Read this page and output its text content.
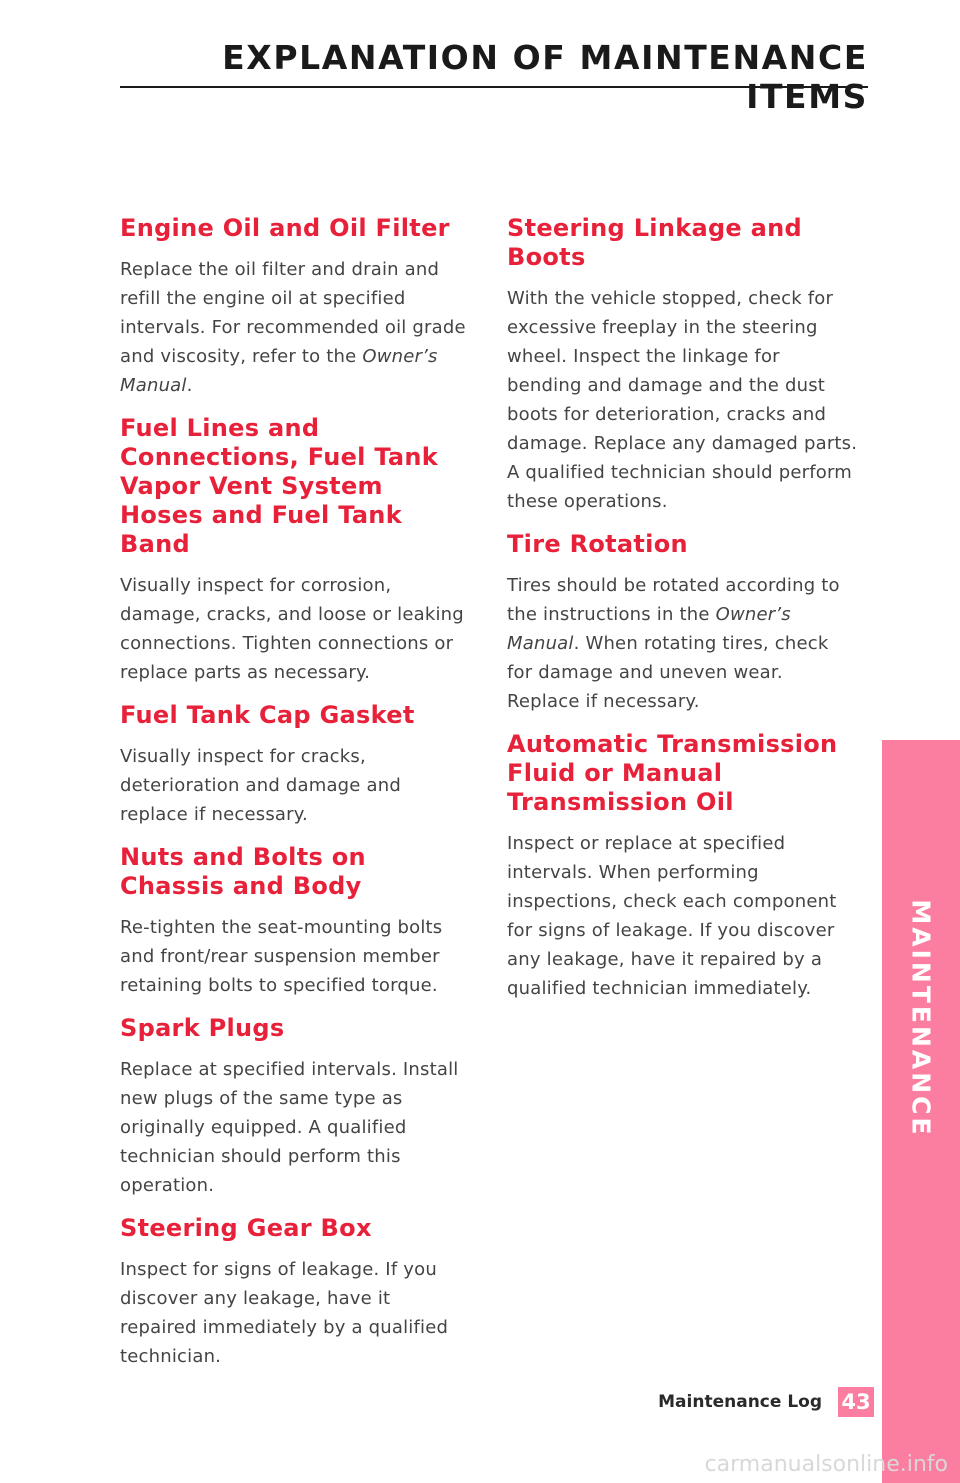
EXPLANATION OF MAINTENANCE ITEMS
Engine Oil and Oil Filter

Replace the oil filter and drain and refill the engine oil at specified intervals. For recommended oil grade and viscosity, refer to the Owner’s Manual.

Fuel Lines and Connections, Fuel Tank Vapor Vent System Hoses and Fuel Tank Band

Visually inspect for corrosion, damage, cracks, and loose or leaking connections. Tighten connections or replace parts as necessary.

Fuel Tank Cap Gasket

Visually inspect for cracks, deterioration and damage and replace if necessary.

Nuts and Bolts on Chassis and Body

Re-tighten the seat-mounting bolts and front/rear suspension member retaining bolts to specified torque.

Spark Plugs

Replace at specified intervals. Install new plugs of the same type as originally equipped. A qualified technician should perform this operation.

Steering Gear Box

Inspect for signs of leakage. If you discover any leakage, have it repaired immediately by a qualified technician.

Steering Linkage and Boots

With the vehicle stopped, check for excessive freeplay in the steering wheel. Inspect the linkage for bending and damage and the dust boots for deterioration, cracks and damage. Replace any damaged parts. A qualified technician should perform these operations.

Tire Rotation

Tires should be rotated according to the instructions in the Owner’s Manual. When rotating tires, check for damage and uneven wear. Replace if necessary.

Automatic Transmission Fluid or Manual Transmission Oil

Inspect or replace at specified intervals. When performing inspections, check each component for signs of leakage. If you discover any leakage, have it repaired by a qualified technician immediately.	MAINTENANCE
Maintenance Log 43
carmanualsonline.info
